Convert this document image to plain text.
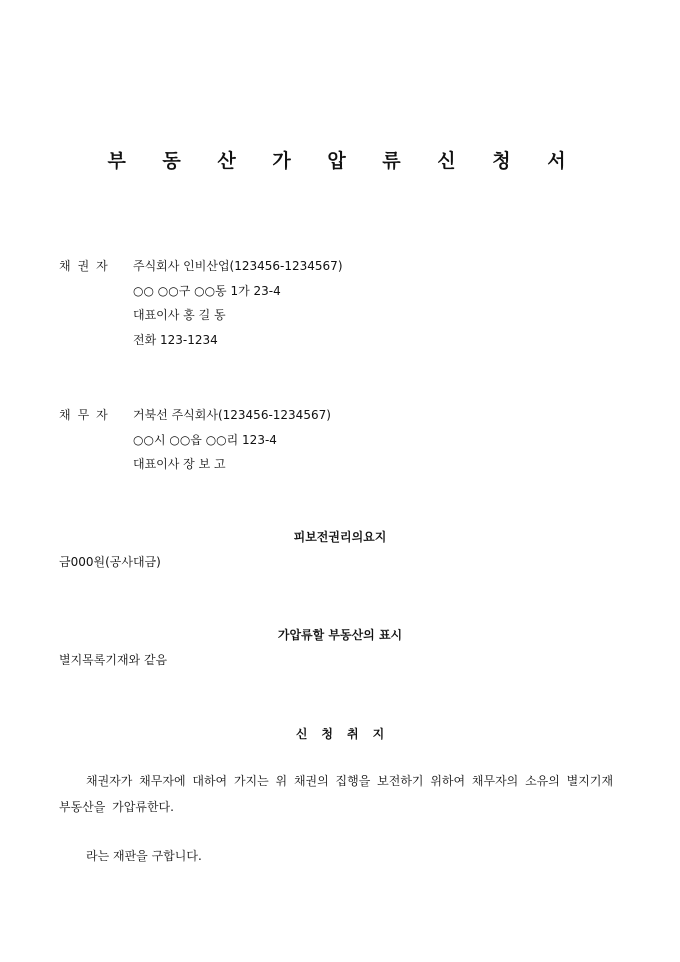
부 동 산 가 압 류 신 청 서
채권자	주식회사 인비산업(123456-1234567)
○○ ○○구 ○○동 1가 23-4
대표이사 홍 길 동
전화 123-1234
채무자	거북선 주식회사(123456-1234567)
○○시 ○○읍 ○○리 123-4
대표이사 장 보 고
피보전권리의요지
금000원(공사대금)
가압류할 부동산의 표시
별지목록기재와 같음
신청취지
채권자가 채무자에 대하여 가지는 위 채권의 집행을 보전하기 위하여 채무자의 소유의 별지기재 부동산을 가압류한다.
라는 재판을 구합니다.
